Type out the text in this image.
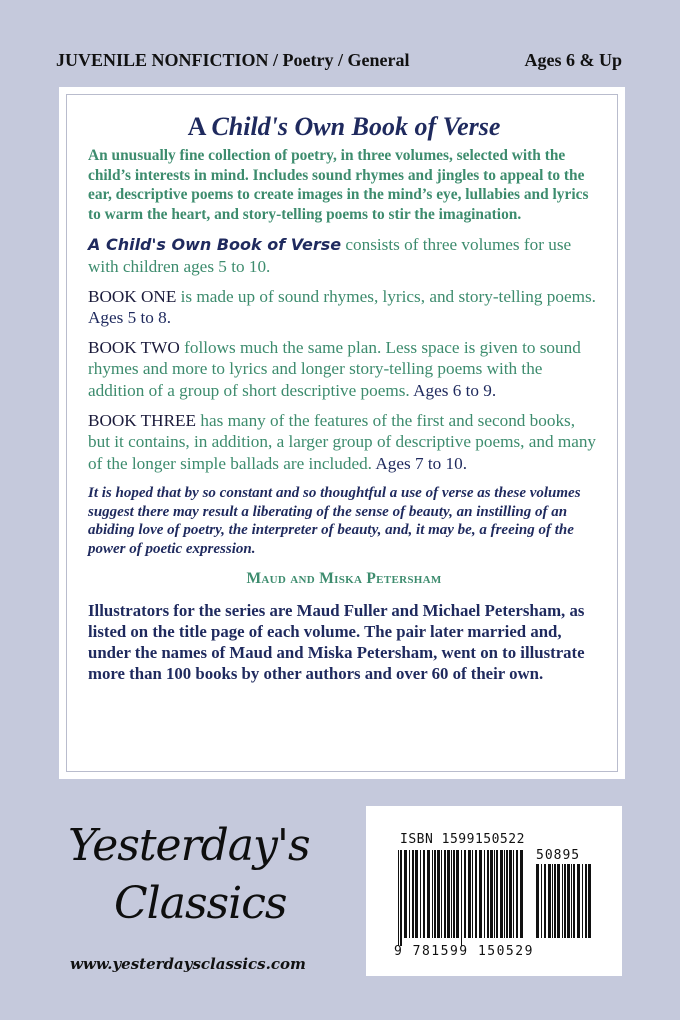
JUVENILE NONFICTION / Poetry / General	Ages 6 & Up
A Child's Own Book of Verse

An unusually fine collection of poetry, in three volumes, selected with the child’s interests in mind. Includes sound rhymes and jingles to appeal to the ear, descriptive poems to create images in the mind’s eye, lullabies and lyrics to warm the heart, and story-telling poems to stir the imagination.

A Child's Own Book of Verse consists of three volumes for use with children ages 5 to 10.

BOOK ONE is made up of sound rhymes, lyrics, and story-telling poems. Ages 5 to 8.

BOOK TWO follows much the same plan. Less space is given to sound rhymes and more to lyrics and longer story-telling poems with the addition of a group of short descriptive poems. Ages 6 to 9.

BOOK THREE has many of the features of the first and second books, but it contains, in addition, a larger group of descriptive poems, and many of the longer simple ballads are included. Ages 7 to 10.

It is hoped that by so constant and so thoughtful a use of verse as these volumes suggest there may result a liberating of the sense of beauty, an instilling of an abiding love of poetry, the interpreter of beauty, and, it may be, a freeing of the power of poetic expression.

Maud and Miska Petersham

Illustrators for the series are Maud Fuller and Michael Petersham, as listed on the title page of each volume. The pair later married and, under the names of Maud and Miska Petersham, went on to illustrate more than 100 books by other authors and over 60 of their own.

Yesterday's
Classics
www.yesterdaysclassics.com
ISBN 1599150522
50895
9 781599 150529
